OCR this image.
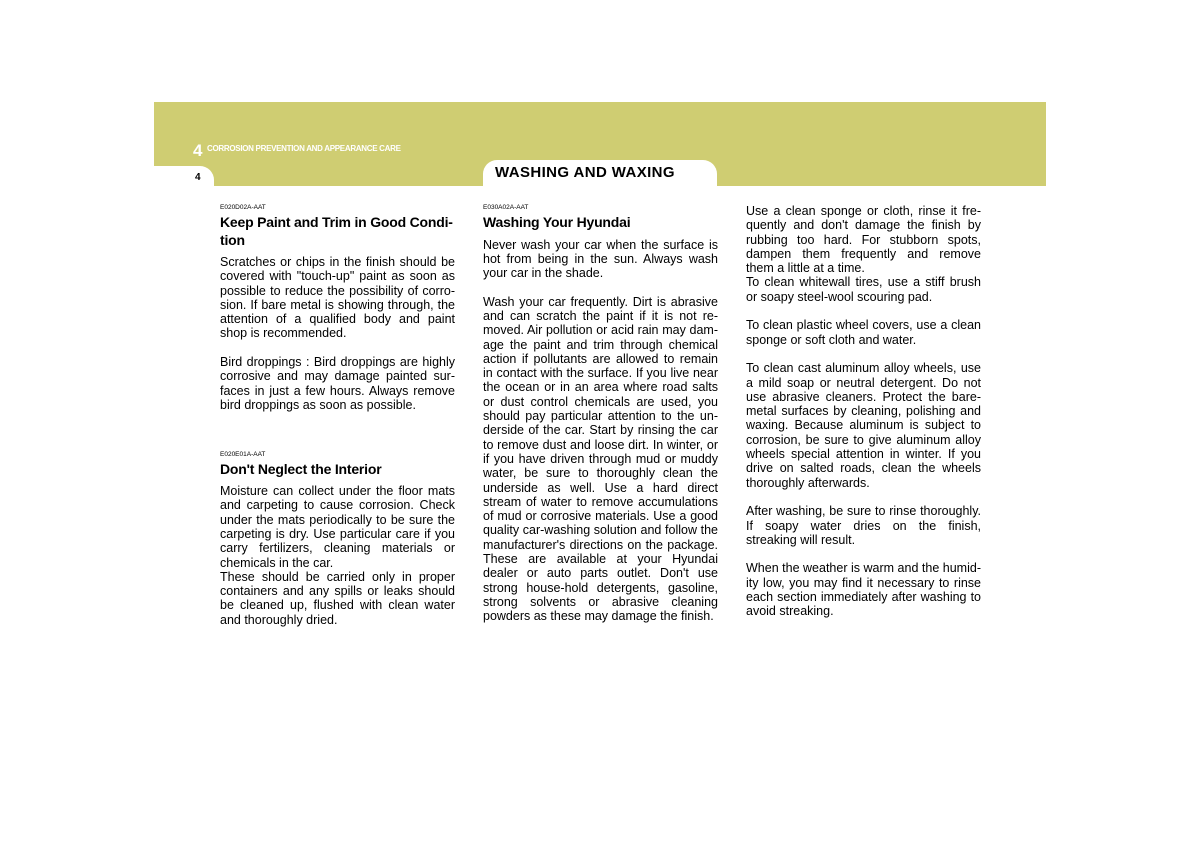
4 CORROSION PREVENTION AND APPEARANCE CARE
4	WASHING AND WAXING
E020D02A-AAT
Keep Paint and Trim in Good Condi-tion

Scratches or chips in the finish should be covered with "touch-up" paint as soon as possible to reduce the possibility of corro-sion. If bare metal is showing through, the attention of a qualified body and paint shop is recommended.

Bird droppings : Bird droppings are highly corrosive and may damage painted sur-faces in just a few hours. Always remove bird droppings as soon as possible.

E020E01A-AAT
Don't Neglect the Interior

Moisture can collect under the floor mats and carpeting to cause corrosion. Check under the mats periodically to be sure the carpeting is dry. Use particular care if you carry fertilizers, cleaning materials or chemicals in the car.

These should be carried only in proper containers and any spills or leaks should be cleaned up, flushed with clean water and thoroughly dried.

E030A02A-AAT
Washing Your Hyundai

Never wash your car when the surface is hot from being in the sun. Always wash your car in the shade.

Wash your car frequently. Dirt is abrasive and can scratch the paint if it is not re-moved. Air pollution or acid rain may dam-age the paint and trim through chemical action if pollutants are allowed to remain in contact with the surface. If you live near the ocean or in an area where road salts or dust control chemicals are used, you should pay particular attention to the un-derside of the car. Start by rinsing the car to remove dust and loose dirt. In winter, or if you have driven through mud or muddy water, be sure to thoroughly clean the underside as well. Use a hard direct stream of water to remove accumulations of mud or corrosive materials. Use a good quality car-washing solution and follow the manufacturer's directions on the package. These are available at your Hyundai dealer or auto parts outlet. Don't use strong house-hold detergents, gasoline, strong solvents or abrasive cleaning powders as these may damage the finish.

Use a clean sponge or cloth, rinse it fre-quently and don't damage the finish by rubbing too hard. For stubborn spots, dampen them frequently and remove them a little at a time.

To clean whitewall tires, use a stiff brush or soapy steel-wool scouring pad.

To clean plastic wheel covers, use a clean sponge or soft cloth and water.

To clean cast aluminum alloy wheels, use a mild soap or neutral detergent. Do not use abrasive cleaners. Protect the bare-metal surfaces by cleaning, polishing and waxing. Because aluminum is subject to corrosion, be sure to give aluminum alloy wheels special attention in winter. If you drive on salted roads, clean the wheels thoroughly afterwards.

After washing, be sure to rinse thoroughly. If soapy water dries on the finish, streaking will result.

When the weather is warm and the humid-ity low, you may find it necessary to rinse each section immediately after washing to avoid streaking.
